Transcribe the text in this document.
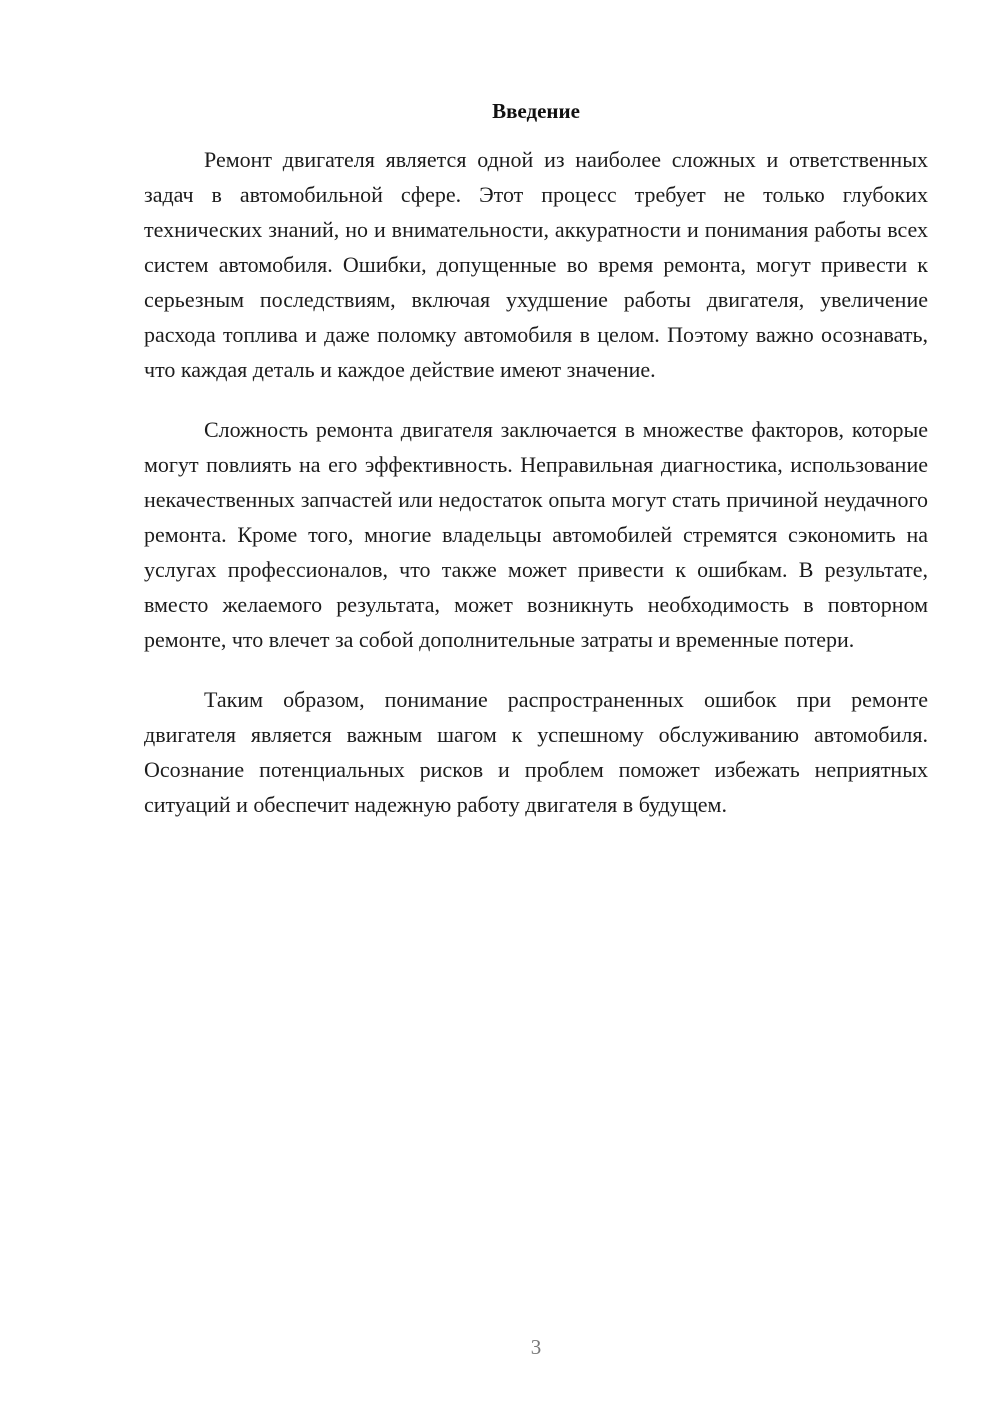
Введение

Ремонт двигателя является одной из наиболее сложных и ответственных задач в автомобильной сфере. Этот процесс требует не только глубоких технических знаний, но и внимательности, аккуратности и понимания работы всех систем автомобиля. Ошибки, допущенные во время ремонта, могут привести к серьезным последствиям, включая ухудшение работы двигателя, увеличение расхода топлива и даже поломку автомобиля в целом. Поэтому важно осознавать, что каждая деталь и каждое действие имеют значение.

Сложность ремонта двигателя заключается в множестве факторов, которые могут повлиять на его эффективность. Неправильная диагностика, использование некачественных запчастей или недостаток опыта могут стать причиной неудачного ремонта. Кроме того, многие владельцы автомобилей стремятся сэкономить на услугах профессионалов, что также может привести к ошибкам. В результате, вместо желаемого результата, может возникнуть необходимость в повторном ремонте, что влечет за собой дополнительные затраты и временные потери.

Таким образом, понимание распространенных ошибок при ремонте двигателя является важным шагом к успешному обслуживанию автомобиля. Осознание потенциальных рисков и проблем поможет избежать неприятных ситуаций и обеспечит надежную работу двигателя в будущем.

3
